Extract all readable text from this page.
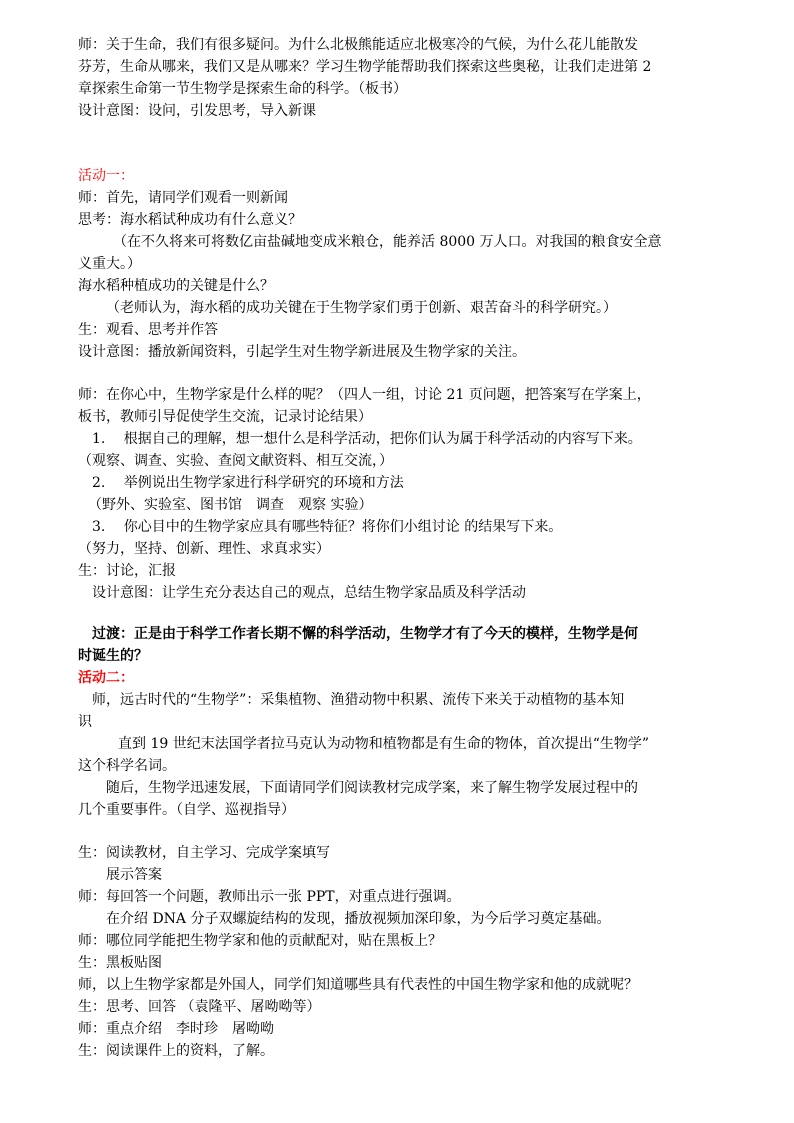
师：关于生命，我们有很多疑问。为什么北极熊能适应北极寒冷的气候，为什么花儿能散发
芬芳，生命从哪来，我们又是从哪来？学习生物学能帮助我们探索这些奥秘，让我们走进第 2
章探索生命第一节生物学是探索生命的科学。（板书）
设计意图：设问，引发思考，导入新课
活动一：
师：首先，请同学们观看一则新闻
思考：海水稻试种成功有什么意义？
（在不久将来可将数亿亩盐碱地变成米粮仓，能养活 8000 万人口。对我国的粮食安全意
义重大。）
海水稻种植成功的关键是什么？
（老师认为，海水稻的成功关键在于生物学家们勇于创新、艰苦奋斗的科学研究。）
生：观看、思考并作答
设计意图：播放新闻资料，引起学生对生物学新进展及生物学家的关注。
师：在你心中，生物学家是什么样的呢？（四人一组，讨论 21 页问题，把答案写在学案上，
板书，教师引导促使学生交流，记录讨论结果）
1.　 根据自己的理解，想一想什么是科学活动，把你们认为属于科学活动的内容写下来。
（观察、调查、实验、查阅文献资料、相互交流，）
2.　 举例说出生物学家进行科学研究的环境和方法
（野外、实验室、图书馆　调查　观察 实验）
3.　 你心目中的生物学家应具有哪些特征？将你们小组讨论 的结果写下来。
（努力，坚持、创新、理性、求真求实）
生：讨论，汇报
设计意图：让学生充分表达自己的观点，总结生物学家品质及科学活动
过渡：正是由于科学工作者长期不懈的科学活动，生物学才有了今天的模样，生物学是何
时诞生的？
活动二：
师，远古时代的“生物学”：采集植物、渔猎动物中积累、流传下来关于动植物的基本知
识
直到 19 世纪末法国学者拉马克认为动物和植物都是有生命的物体，首次提出“生物学”
这个科学名词。
随后，生物学迅速发展，下面请同学们阅读教材完成学案，来了解生物学发展过程中的
几个重要事件。（自学、巡视指导）
生：阅读教材，自主学习、完成学案填写
展示答案
师：每回答一个问题，教师出示一张 PPT，对重点进行强调。
在介绍 DNA 分子双螺旋结构的发现，播放视频加深印象，为今后学习奠定基础。
师：哪位同学能把生物学家和他的贡献配对，贴在黑板上？
生：黑板贴图
师，以上生物学家都是外国人，同学们知道哪些具有代表性的中国生物学家和他的成就呢？
生：思考、回答 （袁隆平、屠呦呦等）
师：重点介绍　李时珍　屠呦呦
生：阅读课件上的资料，了解。
